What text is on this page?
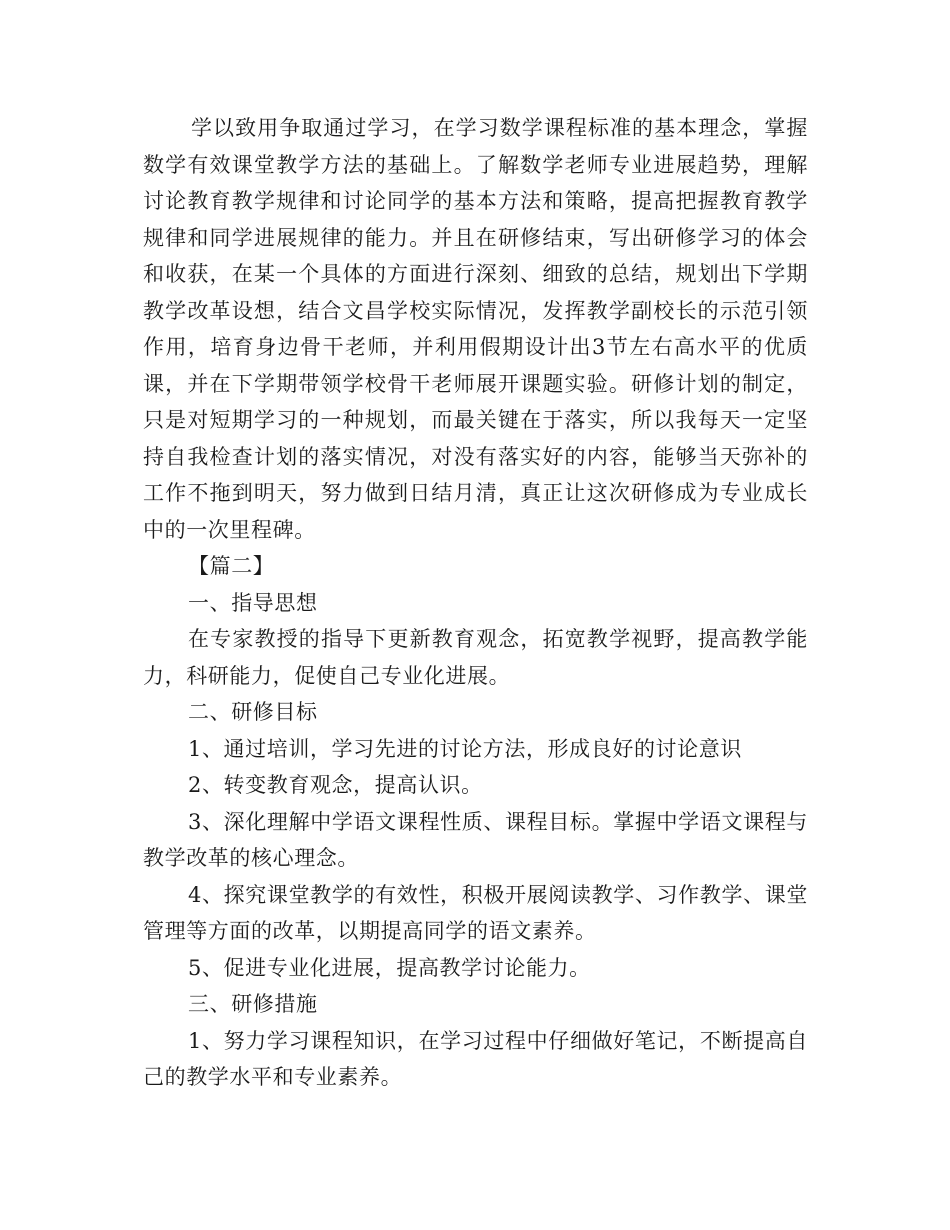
学以致用争取通过学习，在学习数学课程标准的基本理念，掌握数学有效课堂教学方法的基础上。了解数学老师专业进展趋势，理解讨论教育教学规律和讨论同学的基本方法和策略，提高把握教育教学规律和同学进展规律的能力。并且在研修结束，写出研修学习的体会和收获，在某一个具体的方面进行深刻、细致的总结，规划出下学期教学改革设想，结合文昌学校实际情况，发挥教学副校长的示范引领作用，培育身边骨干老师，并利用假期设计出3节左右高水平的优质课，并在下学期带领学校骨干老师展开课题实验。研修计划的制定，只是对短期学习的一种规划，而最关键在于落实，所以我每天一定坚持自我检查计划的落实情况，对没有落实好的内容，能够当天弥补的工作不拖到明天，努力做到日结月清，真正让这次研修成为专业成长中的一次里程碑。

【篇二】

一、指导思想

在专家教授的指导下更新教育观念，拓宽教学视野，提高教学能力，科研能力，促使自己专业化进展。

二、研修目标

1、通过培训，学习先进的讨论方法，形成良好的讨论意识

2、转变教育观念，提高认识。

3、深化理解中学语文课程性质、课程目标。掌握中学语文课程与教学改革的核心理念。

4、探究课堂教学的有效性，积极开展阅读教学、习作教学、课堂管理等方面的改革，以期提高同学的语文素养。

5、促进专业化进展，提高教学讨论能力。

三、研修措施

1、努力学习课程知识，在学习过程中仔细做好笔记，不断提高自己的教学水平和专业素养。
